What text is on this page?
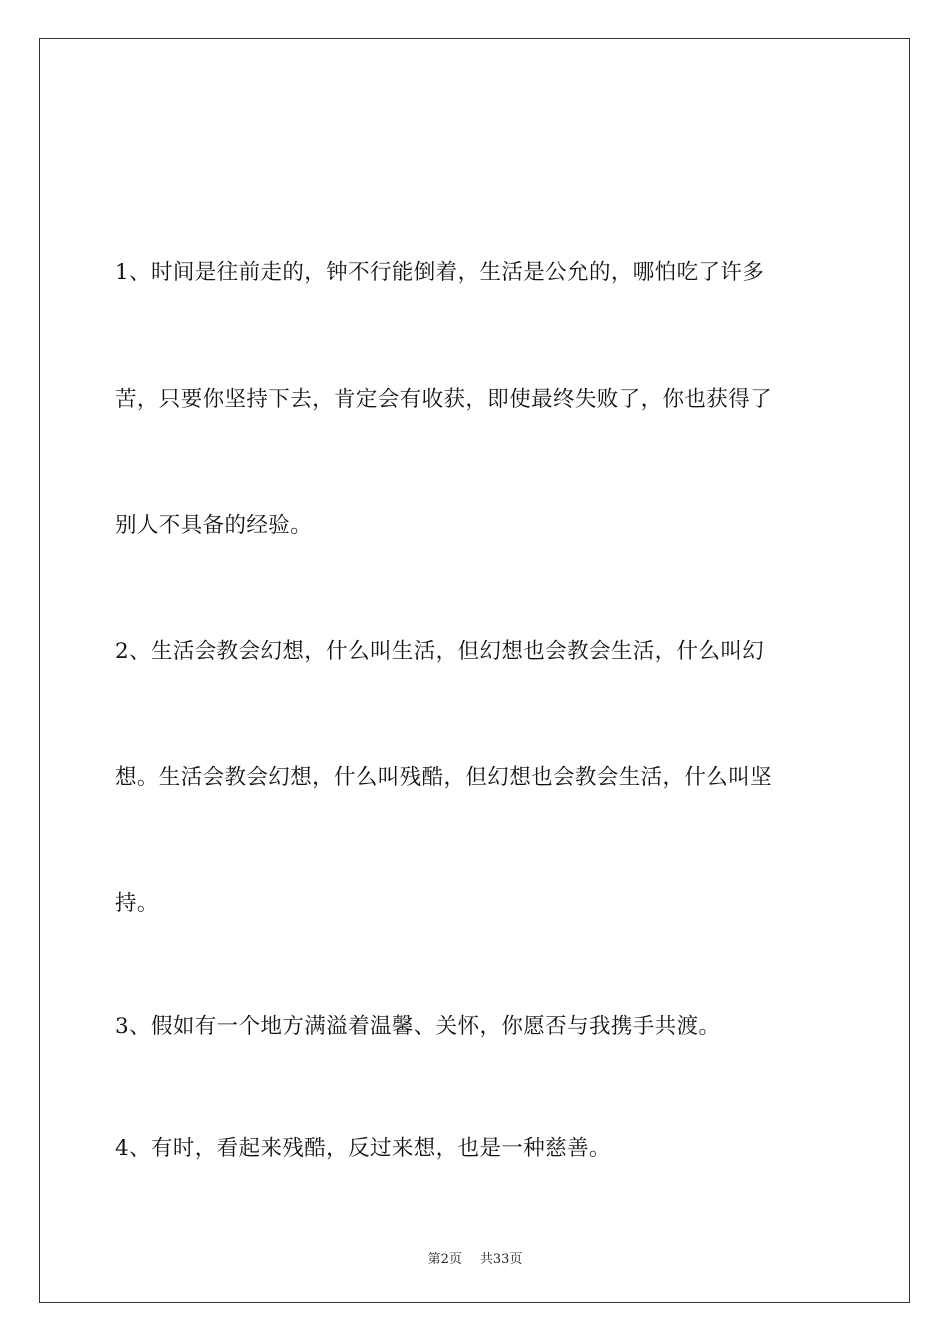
1、时间是往前走的，钟不行能倒着，生活是公允的，哪怕吃了许多
苦，只要你坚持下去，肯定会有收获，即使最终失败了，你也获得了
别人不具备的经验。
2、生活会教会幻想，什么叫生活，但幻想也会教会生活，什么叫幻
想。生活会教会幻想，什么叫残酷，但幻想也会教会生活，什么叫坚
持。
3、假如有一个地方满溢着温馨、关怀，你愿否与我携手共渡。
4、有时，看起来残酷，反过来想，也是一种慈善。
第2页 共33页
